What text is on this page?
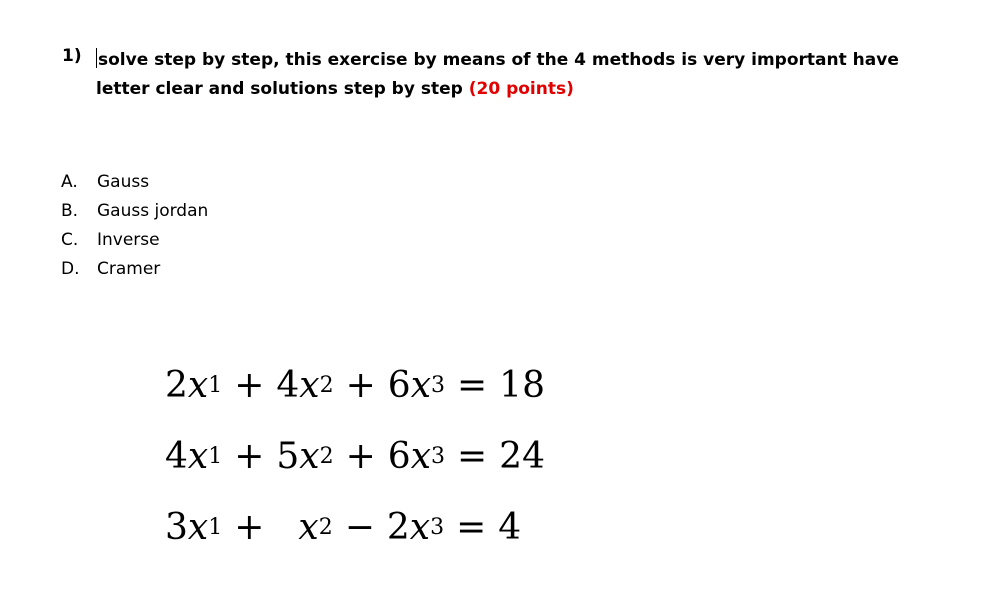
1) solve step by step, this exercise by means of the 4 methods is very important have letter clear and solutions step by step (20 points)
A.	Gauss
B.	Gauss jordan
C.	Inverse
D.	Cramer
2 x 1 + 4 x 2 + 6 x 3 = 18
4 x 1 + 5 x 2 + 6 x 3 = 24
3 x 1 + x 2 − 2 x 3 = 4
